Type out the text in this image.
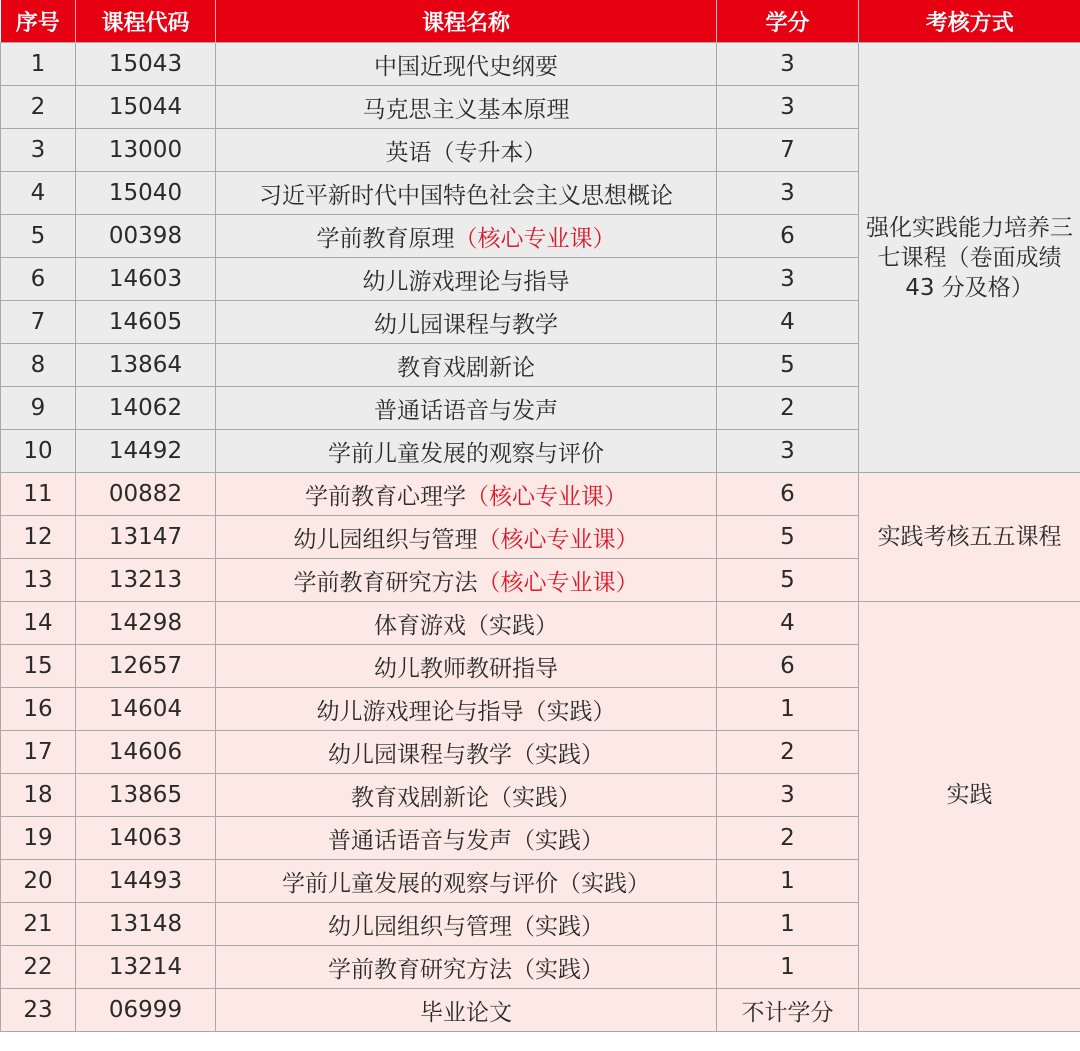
序号	课程代码	课程名称	学分	考核方式
1	15043	中国近现代史纲要	3	强化实践能力培养三七课程（卷面成绩 43 分及格）
2	15044	马克思主义基本原理	3	
3	13000	英语（专升本）	7	
4	15040	习近平新时代中国特色社会主义思想概论	3	
5	00398	学前教育原理（核心专业课）	6	
6	14603	幼儿游戏理论与指导	3	
7	14605	幼儿园课程与教学	4	
8	13864	教育戏剧新论	5	
9	14062	普通话语音与发声	2	
10	14492	学前儿童发展的观察与评价	3	
11	00882	学前教育心理学（核心专业课）	6	实践考核五五课程
12	13147	幼儿园组织与管理（核心专业课）	5	
13	13213	学前教育研究方法（核心专业课）	5	
14	14298	体育游戏（实践）	4	实践
15	12657	幼儿教师教研指导	6	
16	14604	幼儿游戏理论与指导（实践）	1	
17	14606	幼儿园课程与教学（实践）	2	
18	13865	教育戏剧新论（实践）	3	
19	14063	普通话语音与发声（实践）	2	
20	14493	学前儿童发展的观察与评价（实践）	1	
21	13148	幼儿园组织与管理（实践）	1	
22	13214	学前教育研究方法（实践）	1	
23	06999	毕业论文	不计学分	
